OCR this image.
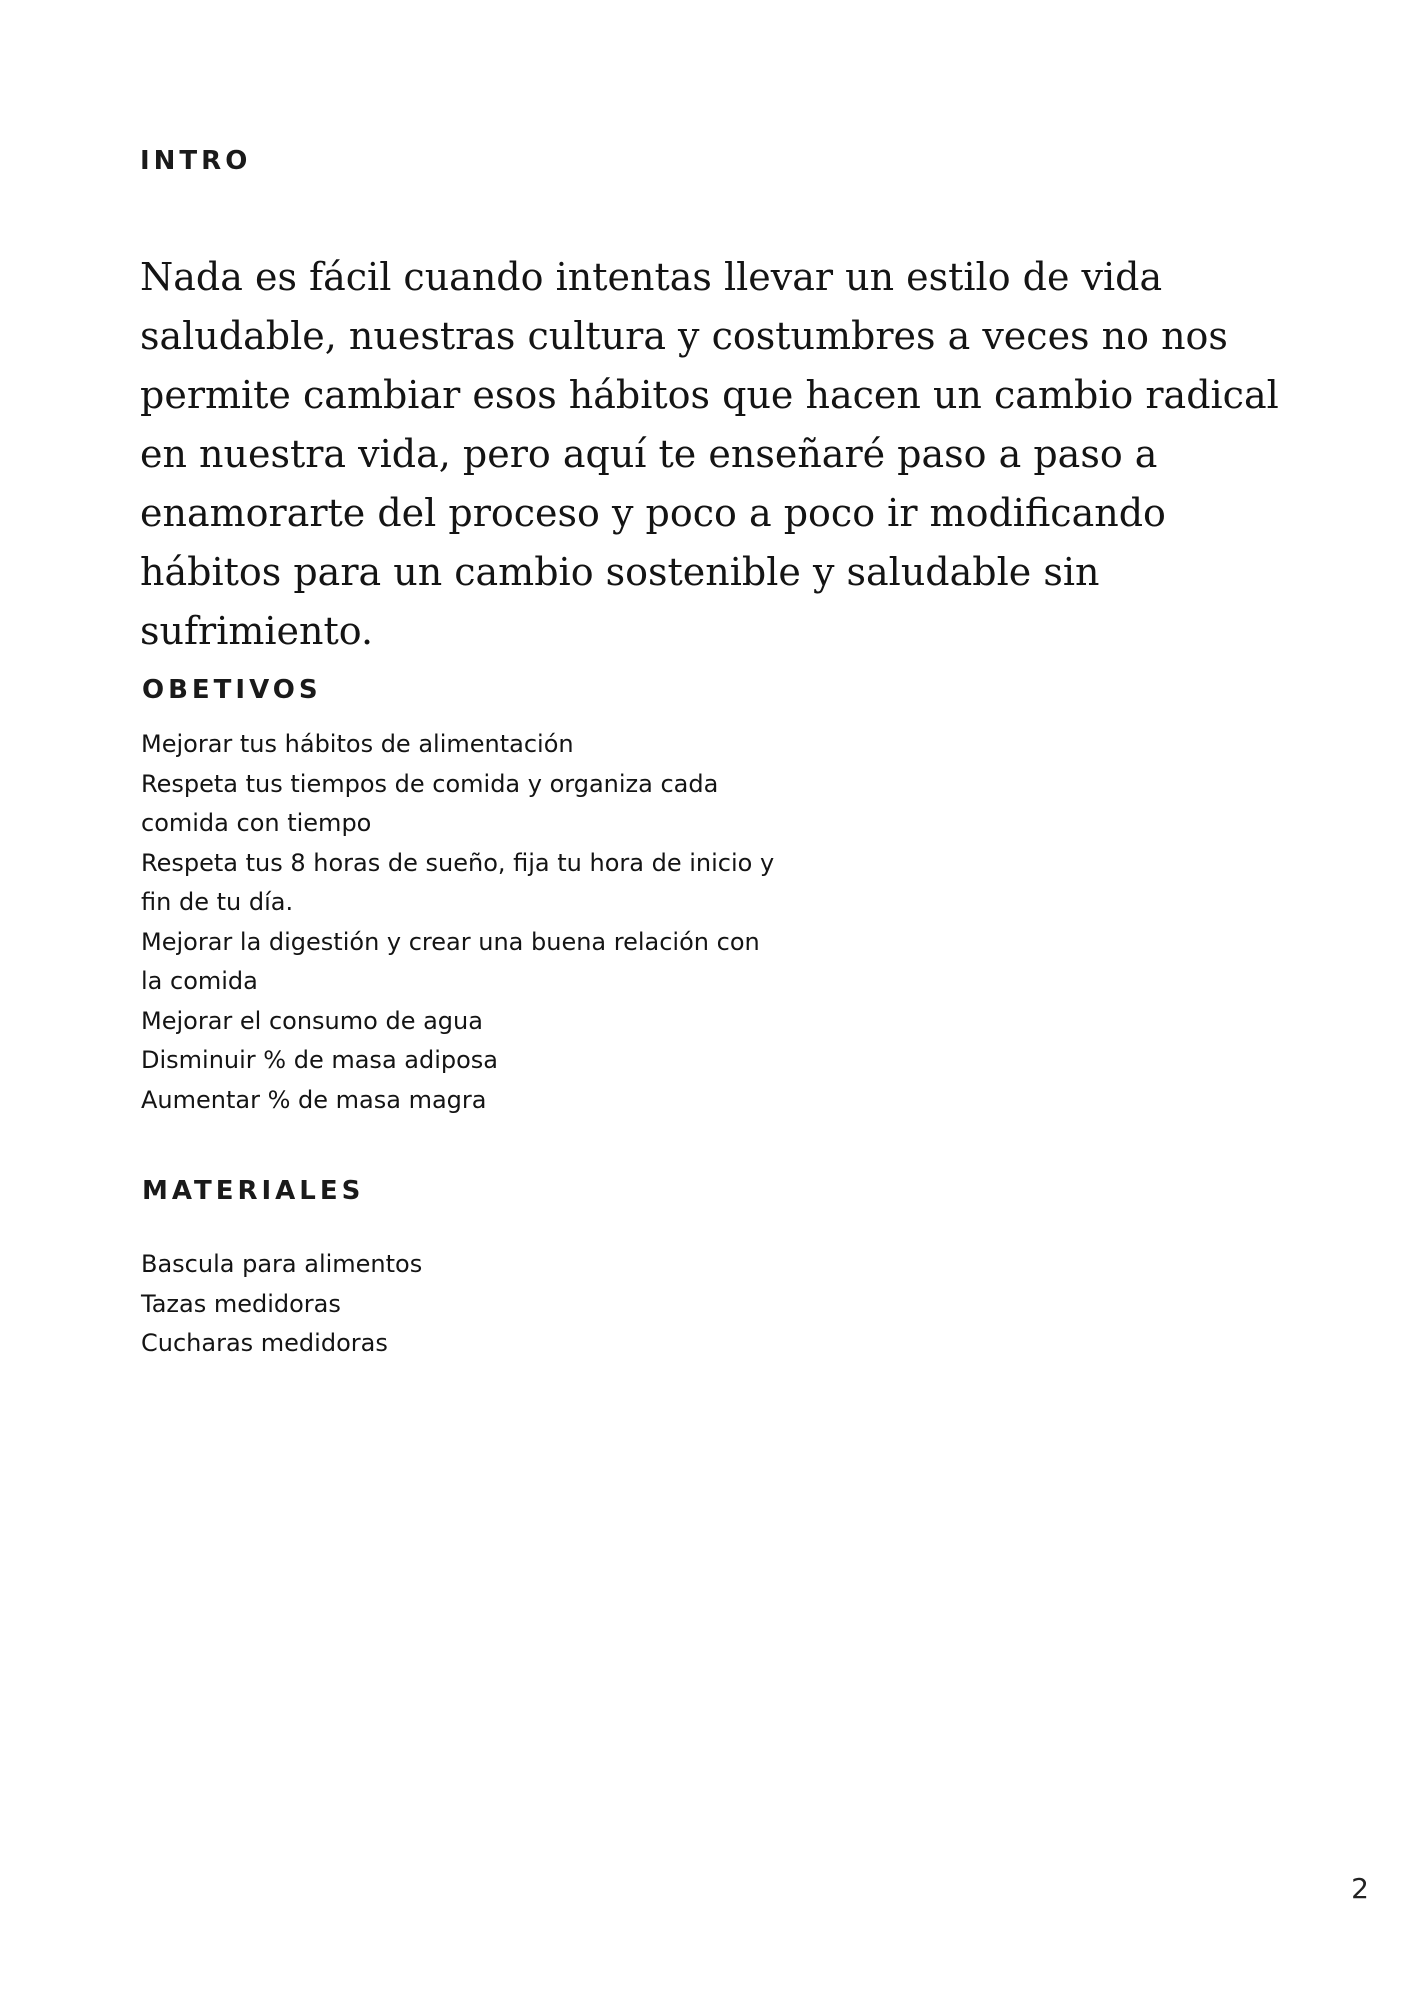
INTRO

Nada es fácil cuando intentas llevar un estilo de vida saludable, nuestras cultura y costumbres a veces no nos permite cambiar esos hábitos que hacen un cambio radical en nuestra vida, pero aquí te enseñaré paso a paso a enamorarte del proceso y poco a poco ir modificando hábitos para un cambio sostenible y saludable sin sufrimiento.

OBETIVOS
Mejorar tus hábitos de alimentación
Respeta tus tiempos de comida y organiza cada comida con tiempo
Respeta tus 8 horas de sueño, fija tu hora de inicio y fin de tu día.
Mejorar la digestión y crear una buena relación con la comida
Mejorar el consumo de agua
Disminuir % de masa adiposa
Aumentar % de masa magra
MATERIALES
Bascula para alimentos
Tazas medidoras
Cucharas medidoras
2
